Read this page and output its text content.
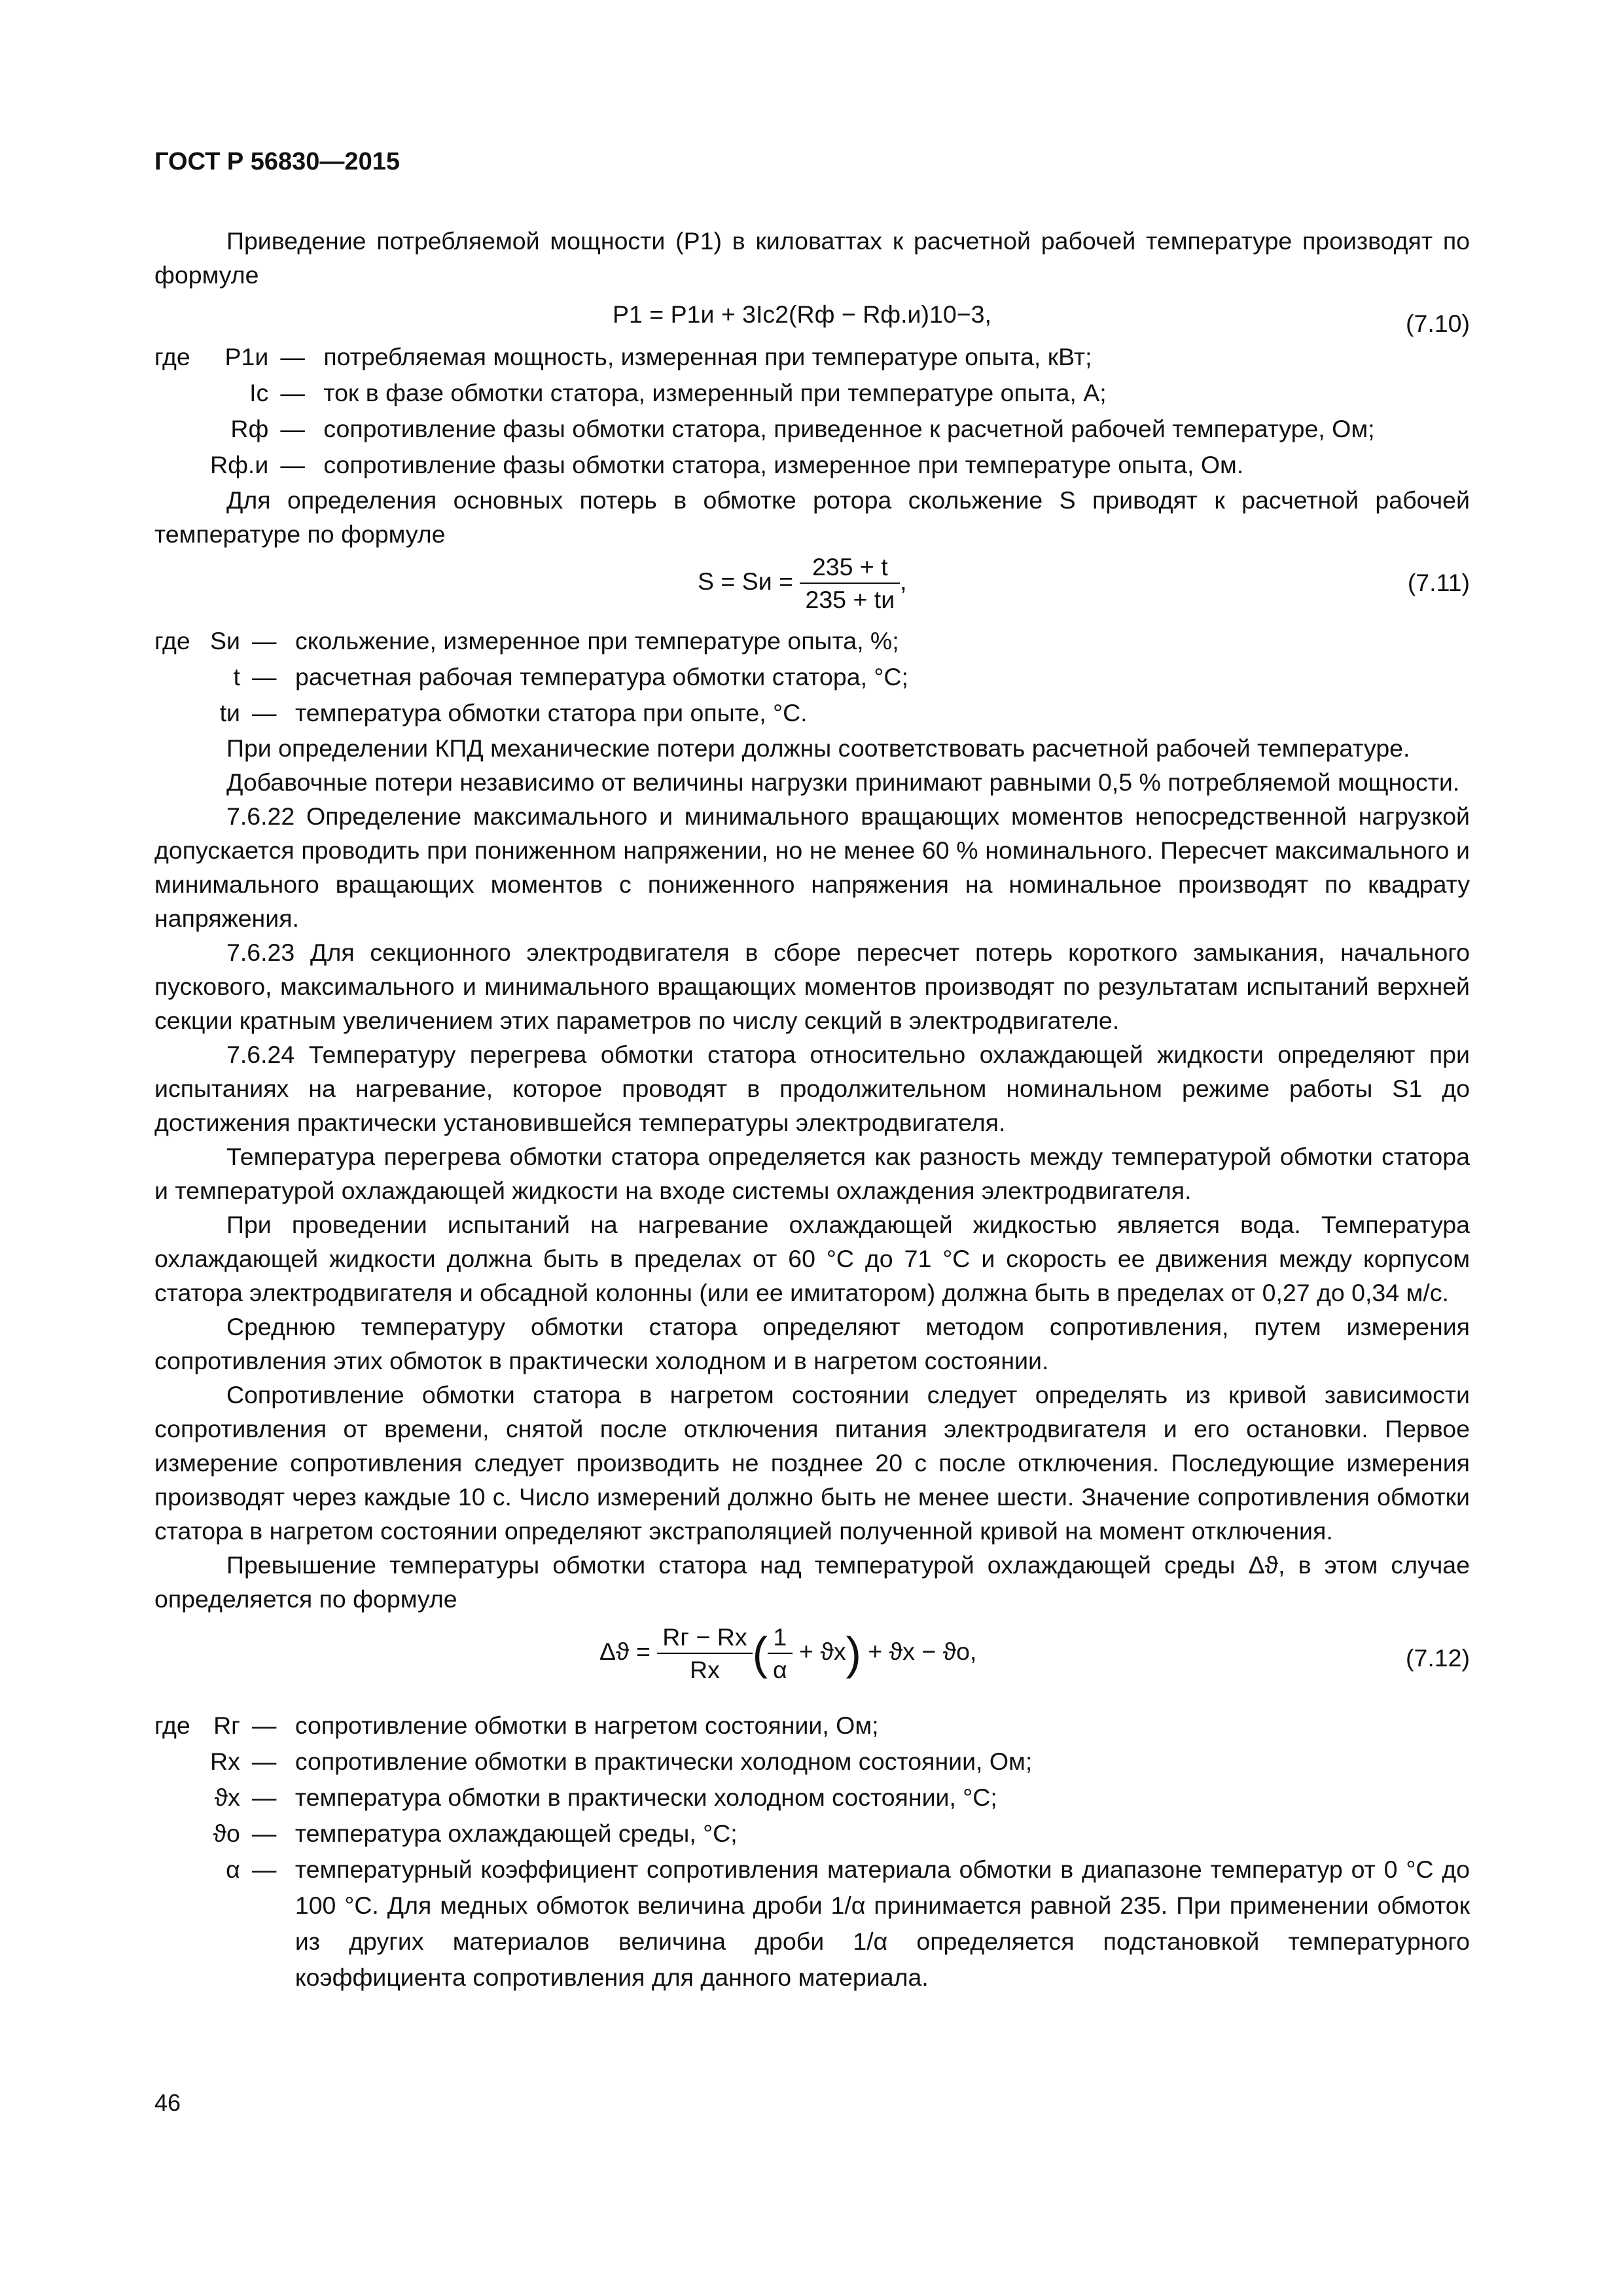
ГОСТ Р 56830—2015

Приведение потребляемой мощности (P1) в киловаттах к расчетной рабочей температуре производят по формуле

P1 = P1и + 3Ic2(Rф − Rф.и)10−3,	(7.10)
где	P1и	—	потребляемая мощность, измеренная при температуре опыта, кВт;
	Ic	—	ток в фазе обмотки статора, измеренный при температуре опыта, А;
	Rф	—	сопротивление фазы обмотки статора, приведенное к расчетной рабочей температуре, Ом;
	Rф.и	—	сопротивление фазы обмотки статора, измеренное при температуре опыта, Ом.

Для определения основных потерь в обмотке ротора скольжение S приводят к расчетной рабочей температуре по формуле

S = Sи = $\frac{235 + t}{235 + tи}$ ,	(7.11)
где	Sи	—	скольжение, измеренное при температуре опыта, %;
	t	—	расчетная рабочая температура обмотки статора, °С;
	tи	—	температура обмотки статора при опыте, °С.

При определении КПД механические потери должны соответствовать расчетной рабочей температуре.

Добавочные потери независимо от величины нагрузки принимают равными 0,5 % потребляемой мощности.

7.6.22 Определение максимального и минимального вращающих моментов непосредственной нагрузкой допускается проводить при пониженном напряжении, но не менее 60 % номинального. Пересчет максимального и минимального вращающих моментов с пониженного напряжения на номинальное производят по квадрату напряжения.

7.6.23 Для секционного электродвигателя в сборе пересчет потерь короткого замыкания, начального пускового, максимального и минимального вращающих моментов производят по результатам испытаний верхней секции кратным увеличением этих параметров по числу секций в электродвигателе.

7.6.24 Температуру перегрева обмотки статора относительно охлаждающей жидкости определяют при испытаниях на нагревание, которое проводят в продолжительном номинальном режиме работы S1 до достижения практически установившейся температуры электродвигателя.

Температура перегрева обмотки статора определяется как разность между температурой обмотки статора и температурой охлаждающей жидкости на входе системы охлаждения электродвигателя.

При проведении испытаний на нагревание охлаждающей жидкостью является вода. Температура охлаждающей жидкости должна быть в пределах от 60 °С до 71 °С и скорость ее движения между корпусом статора электродвигателя и обсадной колонны (или ее имитатором) должна быть в пределах от 0,27 до 0,34 м/с.

Среднюю температуру обмотки статора определяют методом сопротивления, путем измерения сопротивления этих обмоток в практически холодном и в нагретом состоянии.

Сопротивление обмотки статора в нагретом состоянии следует определять из кривой зависимости сопротивления от времени, снятой после отключения питания электродвигателя и его остановки. Первое измерение сопротивления следует производить не позднее 20 с после отключения. Последующие измерения производят через каждые 10 с. Число измерений должно быть не менее шести. Значение сопротивления обмотки статора в нагретом состоянии определяют экстраполяцией полученной кривой на момент отключения.

Превышение температуры обмотки статора над температурой охлаждающей среды Δϑ, в этом случае определяется по формуле

$\Delta ϑ = \frac{Rг - Rx}{Rx}$ ( $\frac{1}{\alpha} + ϑx) + ϑx - ϑо$,	(7.12)
где	Rг	—	сопротивление обмотки в нагретом состоянии, Ом;
	Rx	—	сопротивление обмотки в практически холодном состоянии, Ом;
	ϑx	—	температура обмотки в практически холодном состоянии, °С;
	ϑо	—	температура охлаждающей среды, °С;
	α	—	температурный коэффициент сопротивления материала обмотки в диапазоне температур от 0 °С до 100 °С. Для медных обмоток величина дроби 1/α принимается равной 235. При применении обмоток из других материалов величина дроби 1/α определяется подстановкой температурного коэффициента сопротивления для данного материала.
46
